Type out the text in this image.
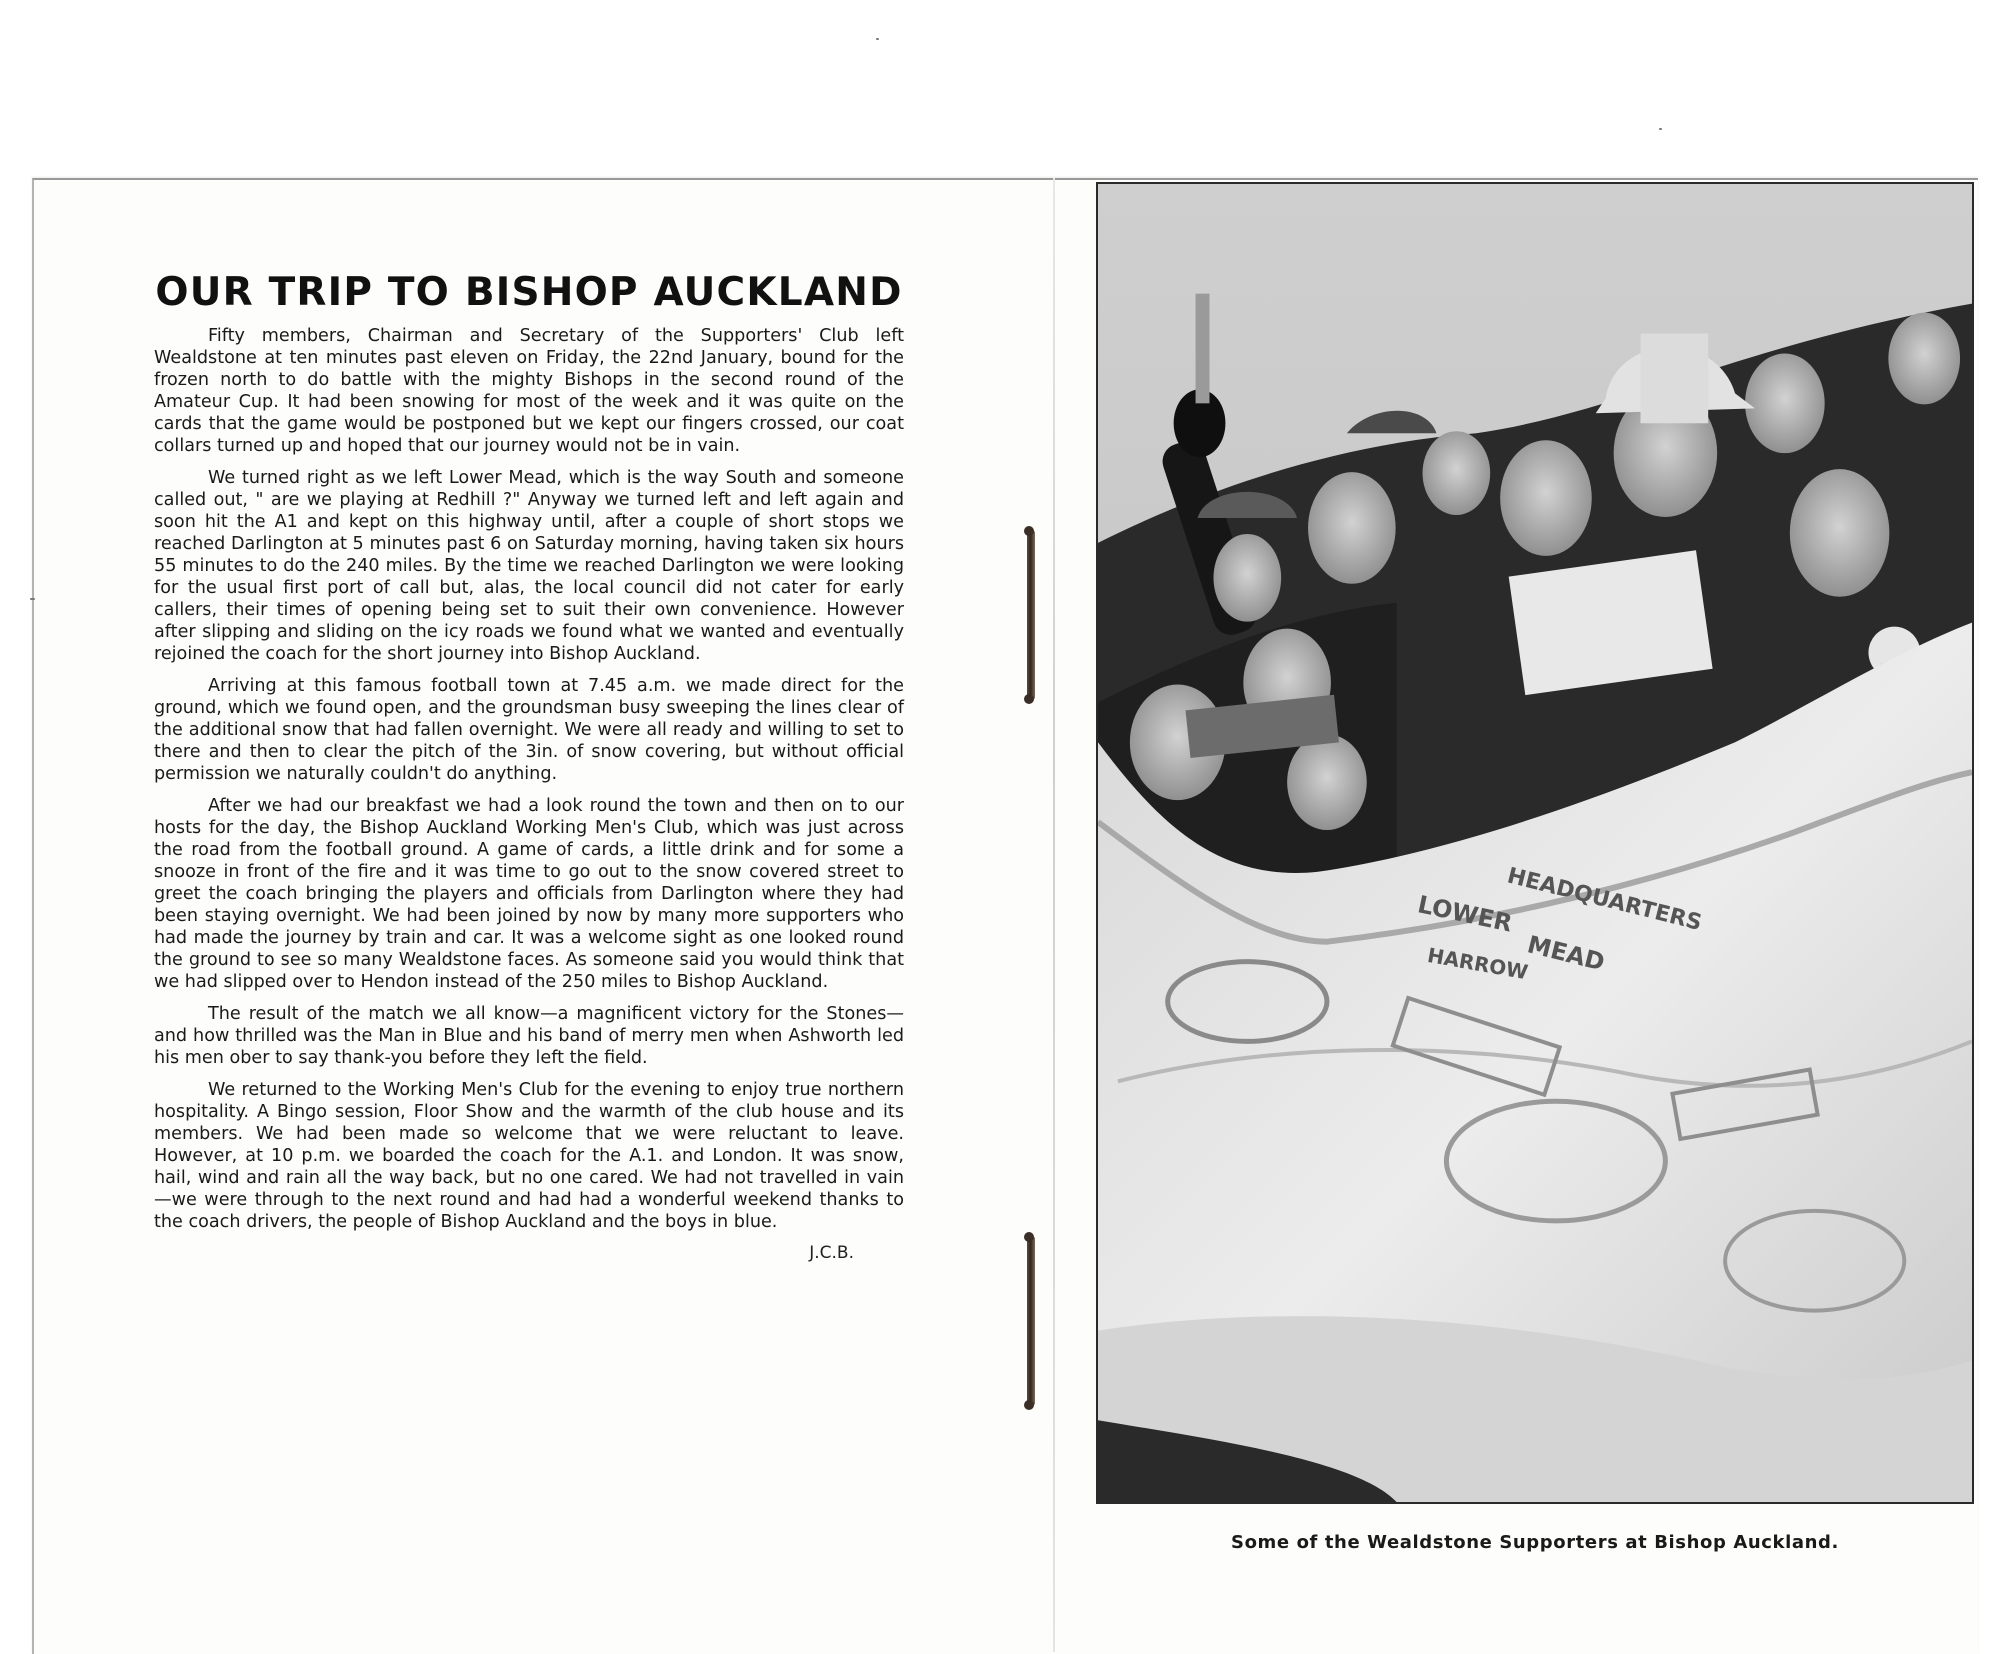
OUR TRIP TO BISHOP AUCKLAND

Fifty members, Chairman and Secretary of the Supporters' Club left Wealdstone at ten minutes past eleven on Friday, the 22nd January, bound for the frozen north to do battle with the mighty Bishops in the second round of the Amateur Cup. It had been snowing for most of the week and it was quite on the cards that the game would be postponed but we kept our fingers crossed, our coat collars turned up and hoped that our journey would not be in vain.

We turned right as we left Lower Mead, which is the way South and someone called out, " are we playing at Redhill ?" Anyway we turned left and left again and soon hit the A1 and kept on this highway until, after a couple of short stops we reached Darlington at 5 minutes past 6 on Saturday morning, having taken six hours 55 minutes to do the 240 miles. By the time we reached Darlington we were looking for the usual first port of call but, alas, the local council did not cater for early callers, their times of opening being set to suit their own convenience. However after slipping and sliding on the icy roads we found what we wanted and eventually rejoined the coach for the short journey into Bishop Auckland.

Arriving at this famous football town at 7.45 a.m. we made direct for the ground, which we found open, and the groundsman busy sweeping the lines clear of the additional snow that had fallen overnight. We were all ready and willing to set to there and then to clear the pitch of the 3in. of snow covering, but without official permission we naturally couldn't do anything.

After we had our breakfast we had a look round the town and then on to our hosts for the day, the Bishop Auckland Working Men's Club, which was just across the road from the football ground. A game of cards, a little drink and for some a snooze in front of the fire and it was time to go out to the snow covered street to greet the coach bringing the players and officials from Darlington where they had been staying overnight. We had been joined by now by many more supporters who had made the journey by train and car. It was a welcome sight as one looked round the ground to see so many Wealdstone faces. As someone said you would think that we had slipped over to Hendon instead of the 250 miles to Bishop Auckland.

The result of the match we all know—a magnificent victory for the Stones—and how thrilled was the Man in Blue and his band of merry men when Ashworth led his men ober to say thank-you before they left the field.

We returned to the Working Men's Club for the evening to enjoy true northern hospitality. A Bingo session, Floor Show and the warmth of the club house and its members. We had been made so welcome that we were reluctant to leave. However, at 10 p.m. we boarded the coach for the A.1. and London. It was snow, hail, wind and rain all the way back, but no one cared. We had not travelled in vain—we were through to the next round and had had a wonderful weekend thanks to the coach drivers, the people of Bishop Auckland and the boys in blue.

J.C.B.

HEADQUARTERS
LOWER
MEAD
HARROW

Some of the Wealdstone Supporters at Bishop Auckland.
